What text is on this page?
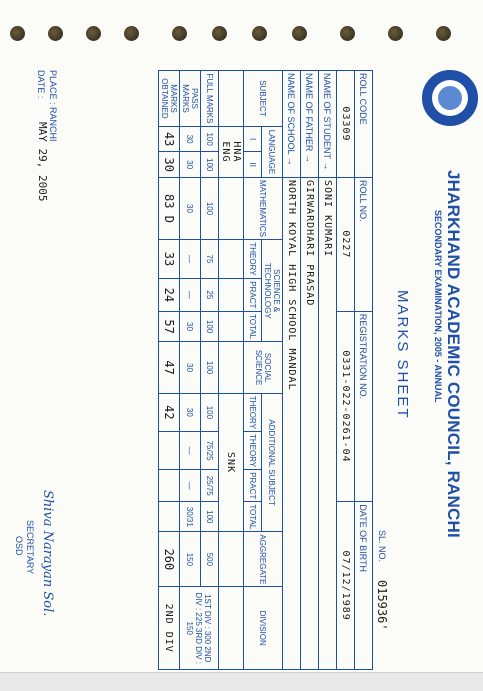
JHARKHAND ACADEMIC COUNCIL, RANCHI
SECONDARY EXAMINATION, 2005 - ANNUAL
MARKS SHEET
SL. NO.
015936'
ROLL CODE			ROLL NO.			REGISTRATION NO.					DATE OF BIRTH		
03309			0227			0331-022-0261-04					07/12/1989		
NAME OF STUDENT →			SONI KUMARI										
NAME OF FATHER →			GIRWARDHARI PRASAD										
NAME OF SCHOOL →			NORTH KOYAL HIGH SCHOOL MANDAL										
SUBJECT	LANGUAGE		MATHEMATICS	SCIENCE & TECHNOLOGY			SOCIAL SCIENCE	ADDITIONAL SUBJECT				AGGREGATE	DIVISION
	I	II		THEORY	PRACT	TOTAL		THEORY	THEORY	PRACT	TOTAL		
	HNA ENG							SNK					
FULL MARKS	100	100	100	75	25	100	100	100	75/25	25/75	100	500	1ST DIV : 300 2ND DIV : 225 3RD DIV : 150
PASS MARKS	30	30	30	—	—	30	30	30	—	—	30/31	150	
MARKS OBTAINED	43	30	83 D	33	24	57	47	42				260	2ND DIV
PLACE : RANCHI
DATE :
MAY 29, 2005
Shiva Narayan Sol.
SECRETARY
OSD
